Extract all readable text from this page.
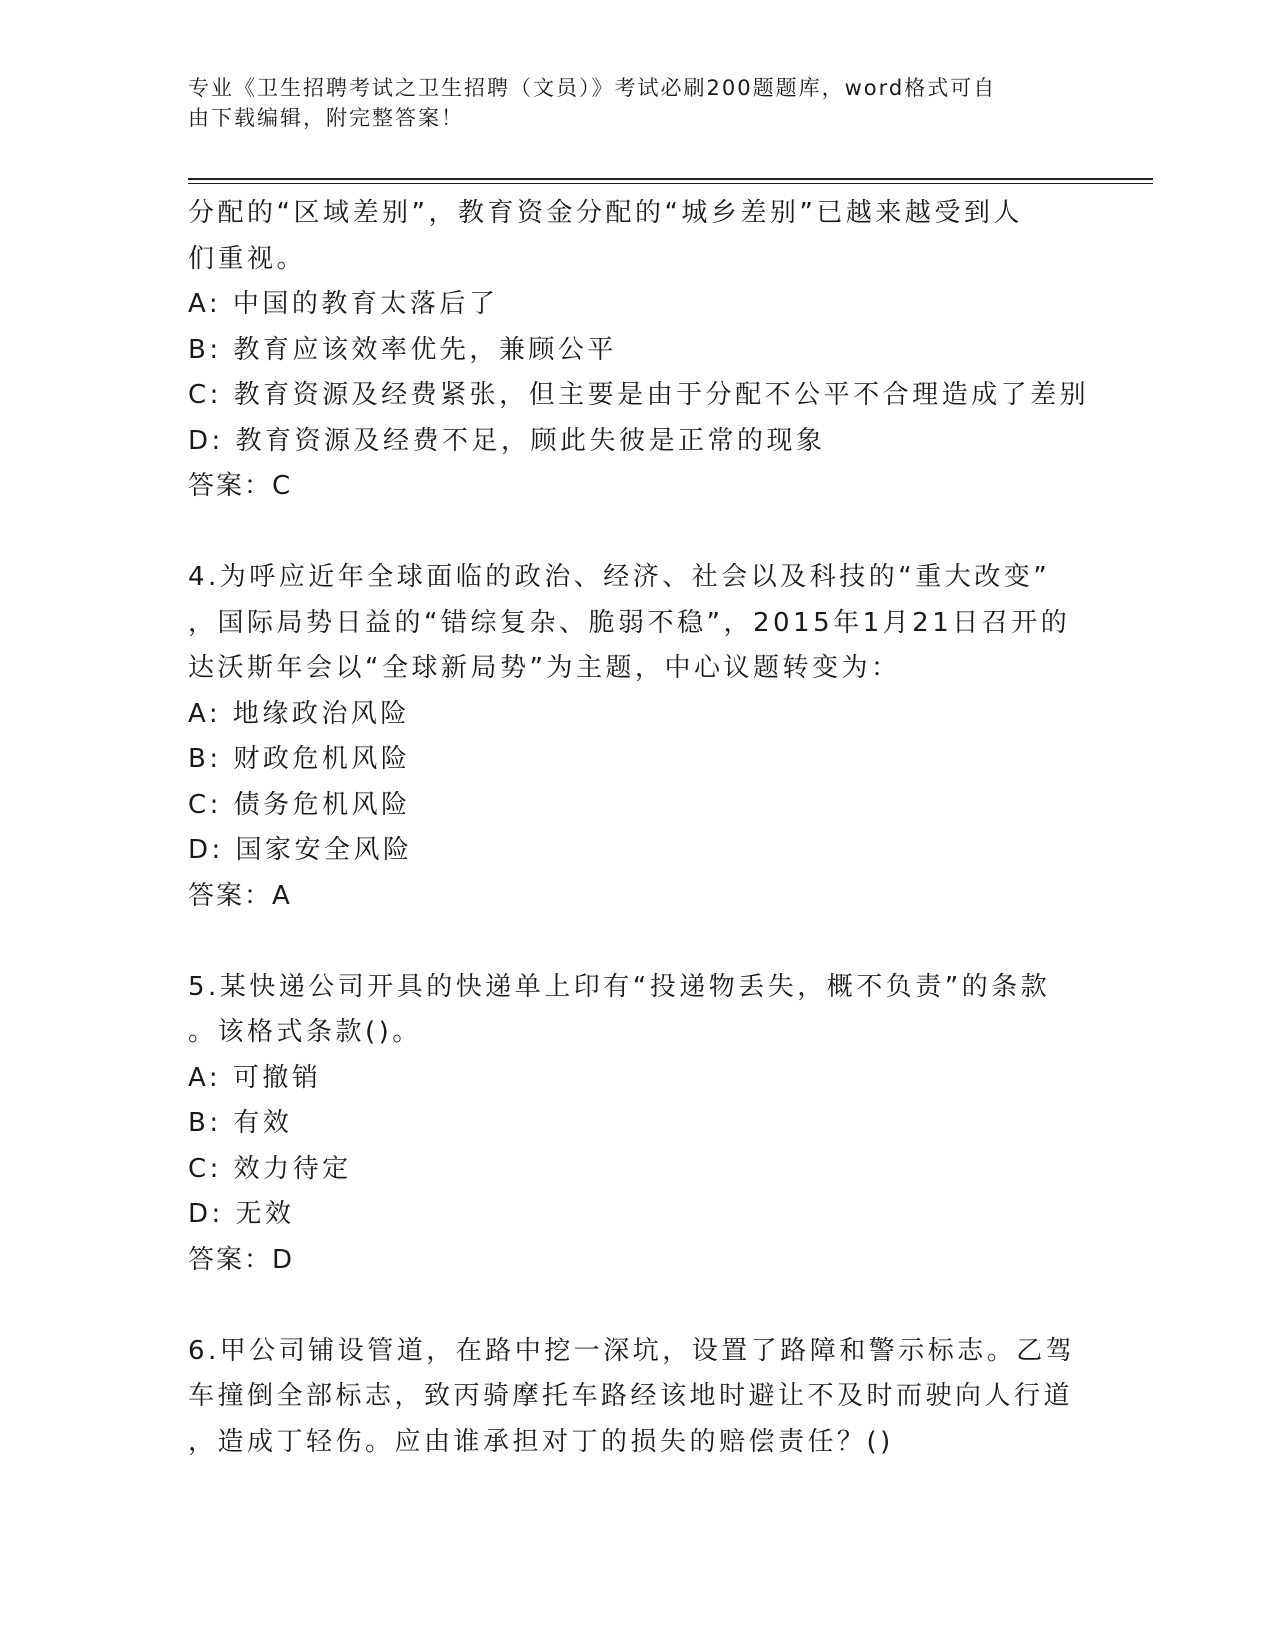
专业《卫生招聘考试之卫生招聘（文员）》考试必刷200题题库，word格式可自
由下载编辑，附完整答案！
分配的“区域差别”，教育资金分配的“城乡差别”已越来越受到人
们重视。
A: 中国的教育太落后了
B: 教育应该效率优先，兼顾公平
C: 教育资源及经费紧张，但主要是由于分配不公平不合理造成了差别
D: 教育资源及经费不足，顾此失彼是正常的现象
答案：C
4.为呼应近年全球面临的政治、经济、社会以及科技的“重大改变”
，国际局势日益的“错综复杂、脆弱不稳”，2015年1月21日召开的
达沃斯年会以“全球新局势”为主题，中心议题转变为：
A: 地缘政治风险
B: 财政危机风险
C: 债务危机风险
D: 国家安全风险
答案：A
5.某快递公司开具的快递单上印有“投递物丢失，概不负责”的条款
。该格式条款()。
A: 可撤销
B: 有效
C: 效力待定
D: 无效
答案：D
6.甲公司铺设管道，在路中挖一深坑，设置了路障和警示标志。乙驾
车撞倒全部标志，致丙骑摩托车路经该地时避让不及时而驶向人行道
，造成丁轻伤。应由谁承担对丁的损失的赔偿责任？()
